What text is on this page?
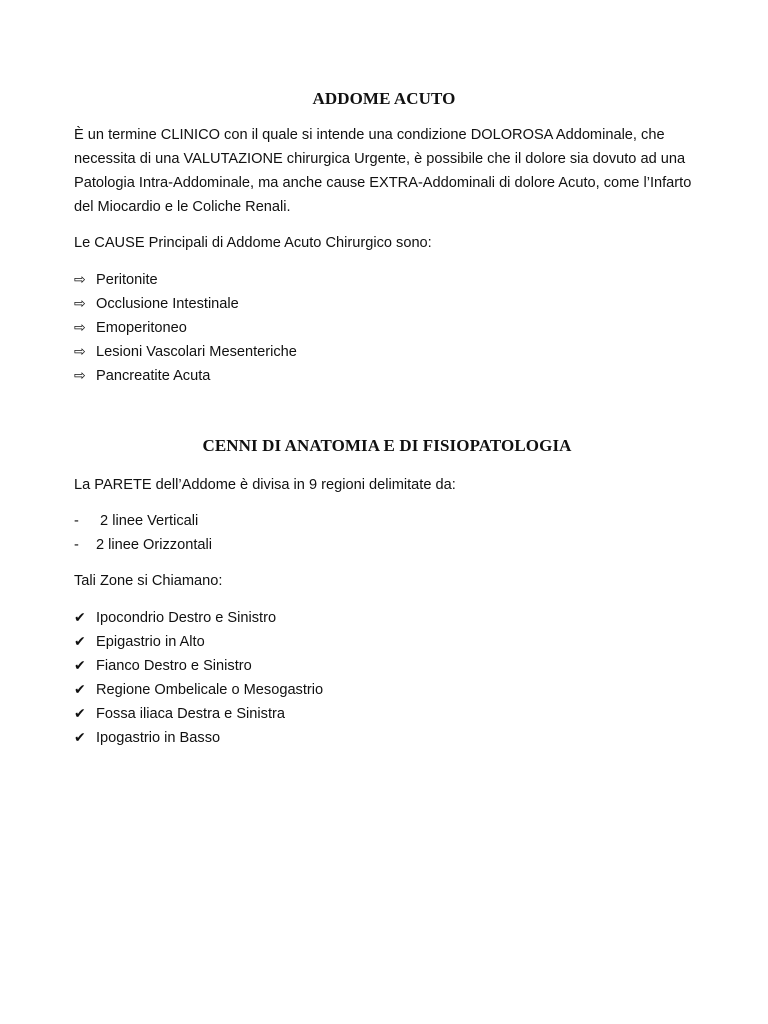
ADDOME ACUTO

È un termine CLINICO con il quale si intende una condizione DOLOROSA Addominale, che necessita di una VALUTAZIONE chirurgica Urgente, è possibile che il dolore sia dovuto ad una Patologia Intra-Addominale, ma anche cause EXTRA-Addominali di dolore Acuto, come l’Infarto del Miocardio e le Coliche Renali.

Le CAUSE Principali di Addome Acuto Chirurgico sono:

⇨ Peritonite
⇨ Occlusione Intestinale
⇨ Emoperitoneo
⇨ Lesioni Vascolari Mesenteriche
⇨ Pancreatite Acuta
CENNI DI ANATOMIA E DI FISIOPATOLOGIA

La PARETE dell’Addome è divisa in 9 regioni delimitate da:

- 2 linee Verticali
- 2 linee Orizzontali

Tali Zone si Chiamano:

✔ Ipocondrio Destro e Sinistro
✔ Epigastrio in Alto
✔ Fianco Destro e Sinistro
✔ Regione Ombelicale o Mesogastrio
✔ Fossa iliaca Destra e Sinistra
✔ Ipogastrio in Basso
